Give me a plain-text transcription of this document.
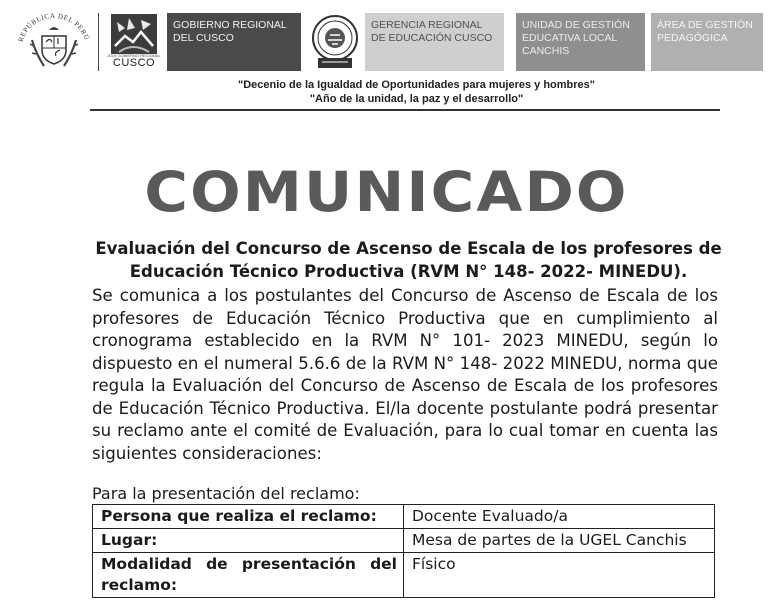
REPÚBLICA DEL PERÚ
2019 GOBIERNO REGIONAL
CUSCO
GOBIERNO REGIONAL
DEL CUSCO
GERENCIA REGIONAL
DE EDUCACIÓN CUSCO
UNIDAD DE GESTIÓN
EDUCATIVA LOCAL
CANCHIS
ÁREA DE GESTIÓN
PEDAGÓGICA
"Decenio de la Igualdad de Oportunidades para mujeres y hombres"
"Año de la unidad, la paz y el desarrollo"
COMUNICADO
Evaluación del Concurso de Ascenso de Escala de los profesores de
Educación Técnico Productiva (RVM N° 148- 2022- MINEDU).
Se comunica a los postulantes del Concurso de Ascenso de Escala de los profesores de Educación Técnico Productiva que en cumplimiento al cronograma establecido en la RVM N° 101- 2023 MINEDU, según lo dispuesto en el numeral 5.6.6 de la RVM N° 148- 2022 MINEDU, norma que regula la Evaluación del Concurso de Ascenso de Escala de los profesores de Educación Técnico Productiva. El/la docente postulante podrá presentar su reclamo ante el comité de Evaluación, para lo cual tomar en cuenta las siguientes consideraciones:
Para la presentación del reclamo:
Persona que realiza el reclamo:	Docente Evaluado/a
Lugar:	Mesa de partes de la UGEL Canchis

Modalidad de presentación del
reclamo:	Físico
